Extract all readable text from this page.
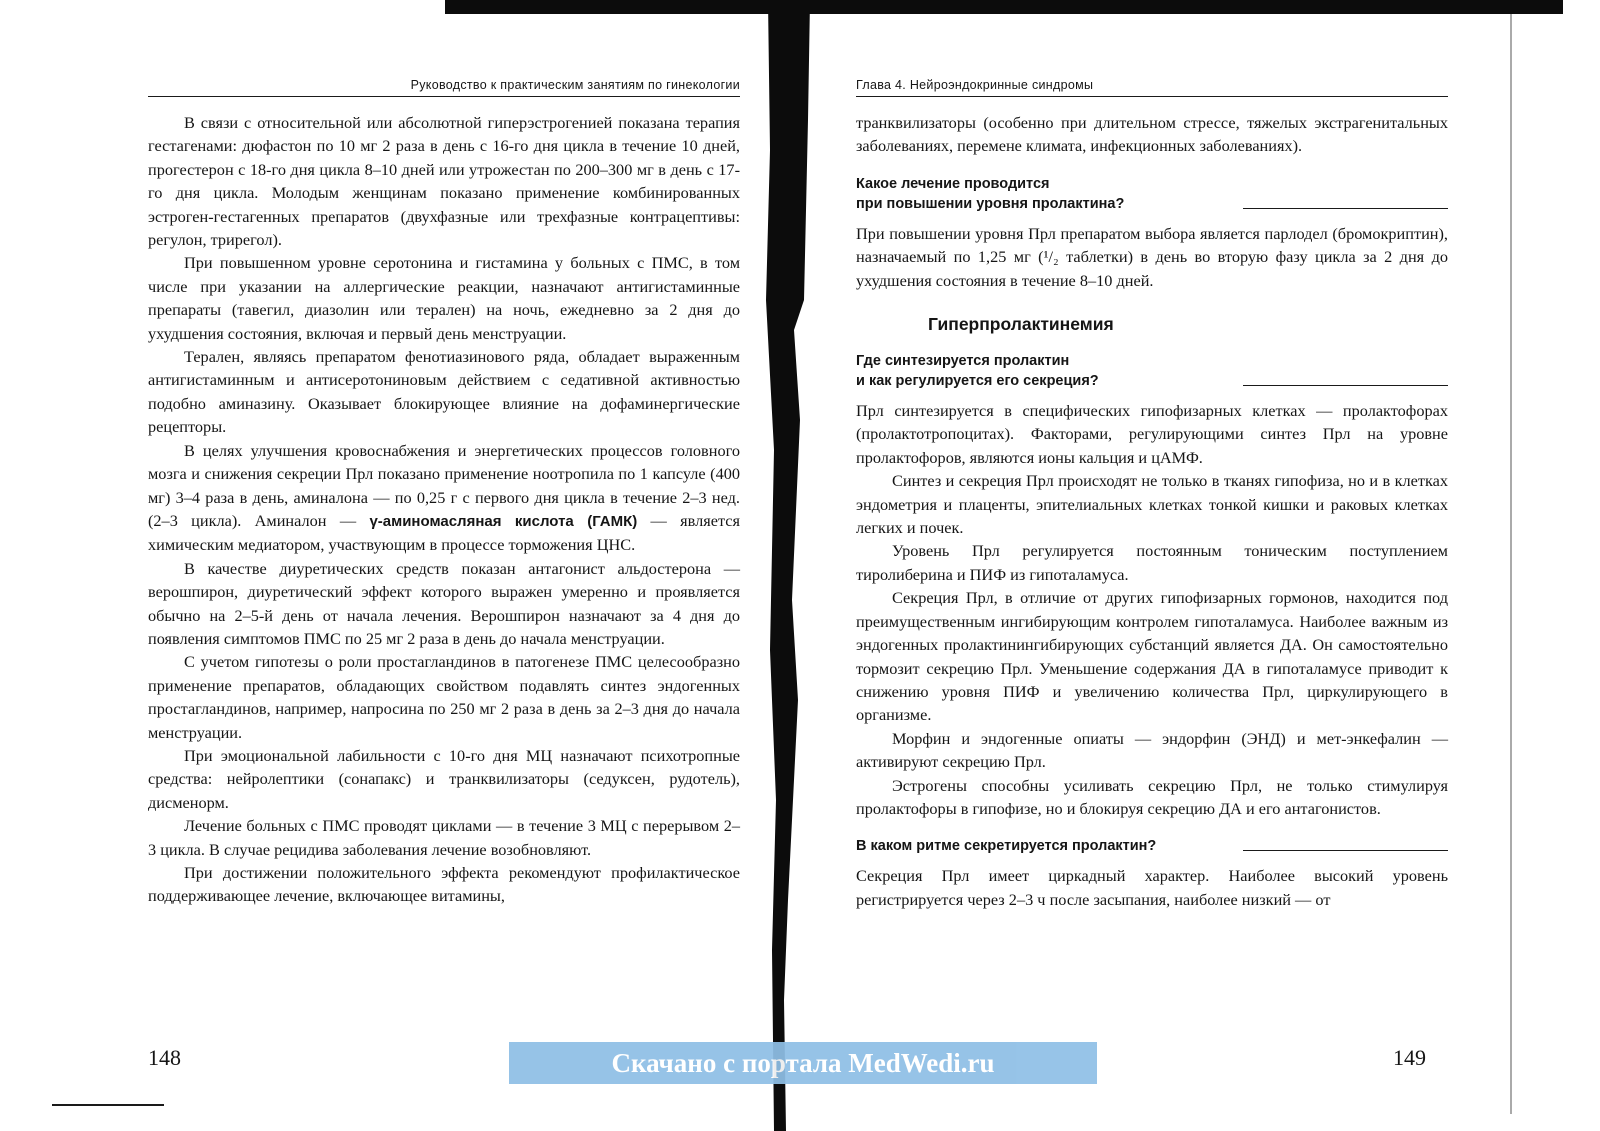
Руководство к практическим занятиям по гинекологии

В связи с относительной или абсолютной гиперэстрогенией показана терапия гестагенами: дюфастон по 10 мг 2 раза в день с 16-го дня цикла в течение 10 дней, прогестерон с 18-го дня цикла 8–10 дней или утрожестан по 200–300 мг в день с 17-го дня цикла. Молодым женщинам показано применение комбинированных эстроген-гестагенных препаратов (двухфазные или трехфазные контрацептивы: регулон, трирегол).

При повышенном уровне серотонина и гистамина у больных с ПМС, в том числе при указании на аллергические реакции, назначают антигистаминные препараты (тавегил, диазолин или терален) на ночь, ежедневно за 2 дня до ухудшения состояния, включая и первый день менструации.

Терален, являясь препаратом фенотиазинового ряда, обладает выраженным антигистаминным и антисеротониновым действием с седативной активностью подобно аминазину. Оказывает блокирующее влияние на дофаминергические рецепторы.

В целях улучшения кровоснабжения и энергетических процессов головного мозга и снижения секреции Прл показано применение ноотропила по 1 капсуле (400 мг) 3–4 раза в день, аминалона — по 0,25 г с первого дня цикла в течение 2–3 нед. (2–3 цикла). Аминалон — γ-аминомасляная кислота (ГАМК) — является химическим медиатором, участвующим в процессе торможения ЦНС.

В качестве диуретических средств показан антагонист альдостерона — верошпирон, диуретический эффект которого выражен умеренно и проявляется обычно на 2–5-й день от начала лечения. Верошпирон назначают за 4 дня до появления симптомов ПМС по 25 мг 2 раза в день до начала менструации.

С учетом гипотезы о роли простагландинов в патогенезе ПМС целесообразно применение препаратов, обладающих свойством подавлять синтез эндогенных простагландинов, например, напросина по 250 мг 2 раза в день за 2–3 дня до начала менструации.

При эмоциональной лабильности с 10-го дня МЦ назначают психотропные средства: нейролептики (сонапакс) и транквилизаторы (седуксен, рудотель), дисменорм.

Лечение больных с ПМС проводят циклами — в течение 3 МЦ с перерывом 2–3 цикла. В случае рецидива заболевания лечение возобновляют.

При достижении положительного эффекта рекомендуют профилактическое поддерживающее лечение, включающее витамины,

148
Глава 4. Нейроэндокринные синдромы

транквилизаторы (особенно при длительном стрессе, тяжелых экстрагенитальных заболеваниях, перемене климата, инфекционных заболеваниях).

Какое лечение проводится
при повышении уровня пролактина?

При повышении уровня Прл препаратом выбора является парлодел (бромокриптин), назначаемый по 1,25 мг (¹/₂ таблетки) в день во вторую фазу цикла за 2 дня до ухудшения состояния в течение 8–10 дней.

Гиперпролактинемия
Где синтезируется пролактин
и как регулируется его секреция?

Прл синтезируется в специфических гипофизарных клетках — пролактофорах (пролактотропоцитах). Факторами, регулирующими синтез Прл на уровне пролактофоров, являются ионы кальция и цАМФ.

Синтез и секреция Прл происходят не только в тканях гипофиза, но и в клетках эндометрия и плаценты, эпителиальных клетках тонкой кишки и раковых клетках легких и почек.

Уровень Прл регулируется постоянным тоническим поступлением тиролиберина и ПИФ из гипоталамуса.

Секреция Прл, в отличие от других гипофизарных гормонов, находится под преимущественным ингибирующим контролем гипоталамуса. Наиболее важным из эндогенных пролактинингибирующих субстанций является ДА. Он самостоятельно тормозит секрецию Прл. Уменьшение содержания ДА в гипоталамусе приводит к снижению уровня ПИФ и увеличению количества Прл, циркулирующего в организме.

Морфин и эндогенные опиаты — эндорфин (ЭНД) и мет-энкефалин — активируют секрецию Прл.

Эстрогены способны усиливать секрецию Прл, не только стимулируя пролактофоры в гипофизе, но и блокируя секрецию ДА и его антагонистов.

В каком ритме секретируется пролактин?

Секреция Прл имеет циркадный характер. Наиболее высокий уровень регистрируется через 2–3 ч после засыпания, наиболее низкий — от

149
Скачано с портала MedWedi.ru
